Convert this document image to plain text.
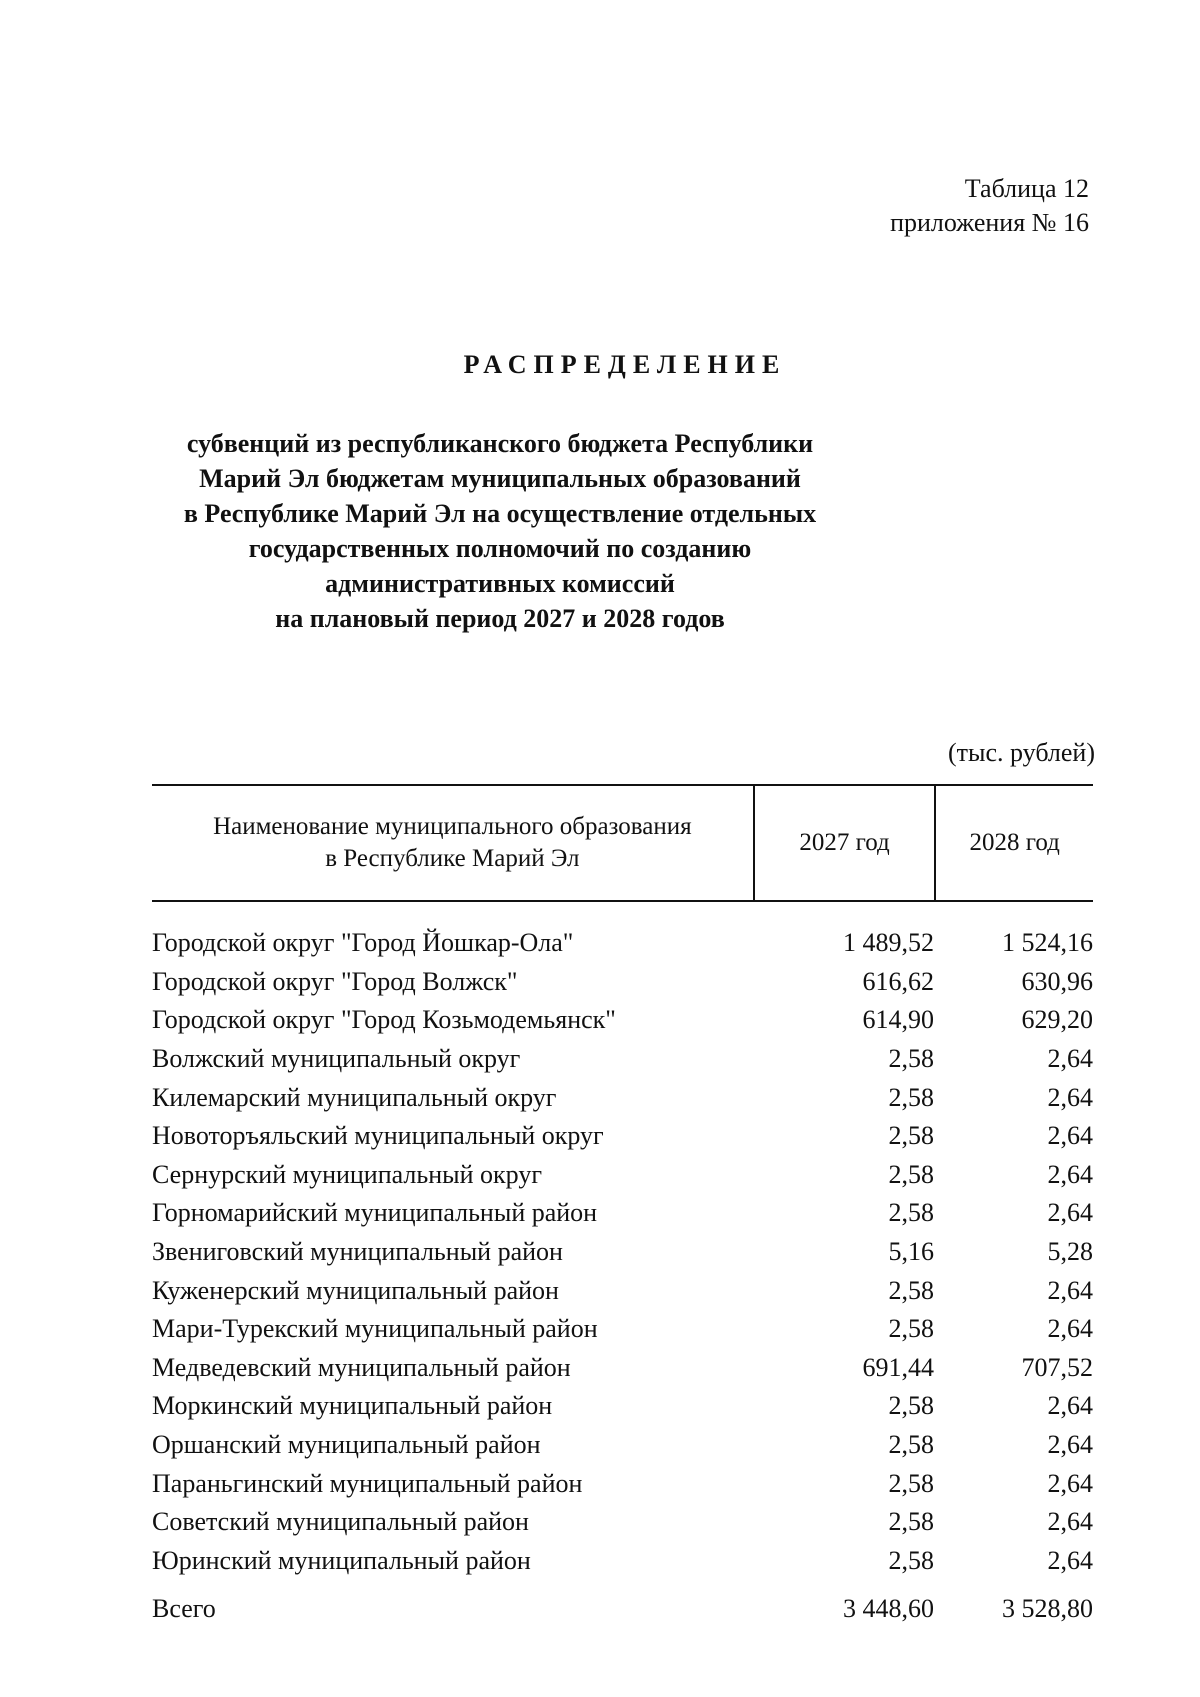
Таблица 12
приложения № 16
РАСПРЕДЕЛЕНИЕ
субвенций из республиканского бюджета Республики
Марий Эл бюджетам муниципальных образований
в Республике Марий Эл на осуществление отдельных
государственных полномочий по созданию
административных комиссий
на плановый период 2027 и 2028 годов
(тыс. рублей)
Наименование муниципального образования
в Республике Марий Эл
2027 год	2028 год
Городской округ "Город Йошкар-Ола"	1 489,52	1 524,16
Городской округ "Город Волжск"	616,62	630,96
Городской округ "Город Козьмодемьянск"	614,90	629,20
Волжский муниципальный округ	2,58	2,64
Килемарский муниципальный округ	2,58	2,64
Новоторъяльский муниципальный округ	2,58	2,64
Сернурский муниципальный округ	2,58	2,64
Горномарийский муниципальный район	2,58	2,64
Звениговский муниципальный район	5,16	5,28
Куженерский муниципальный район	2,58	2,64
Мари-Турекский муниципальный район	2,58	2,64
Медведевский муниципальный район	691,44	707,52
Моркинский муниципальный район	2,58	2,64
Оршанский муниципальный район	2,58	2,64
Параньгинский муниципальный район	2,58	2,64
Советский муниципальный район	2,58	2,64
Юринский муниципальный район	2,58	2,64
Всего	3 448,60	3 528,80
